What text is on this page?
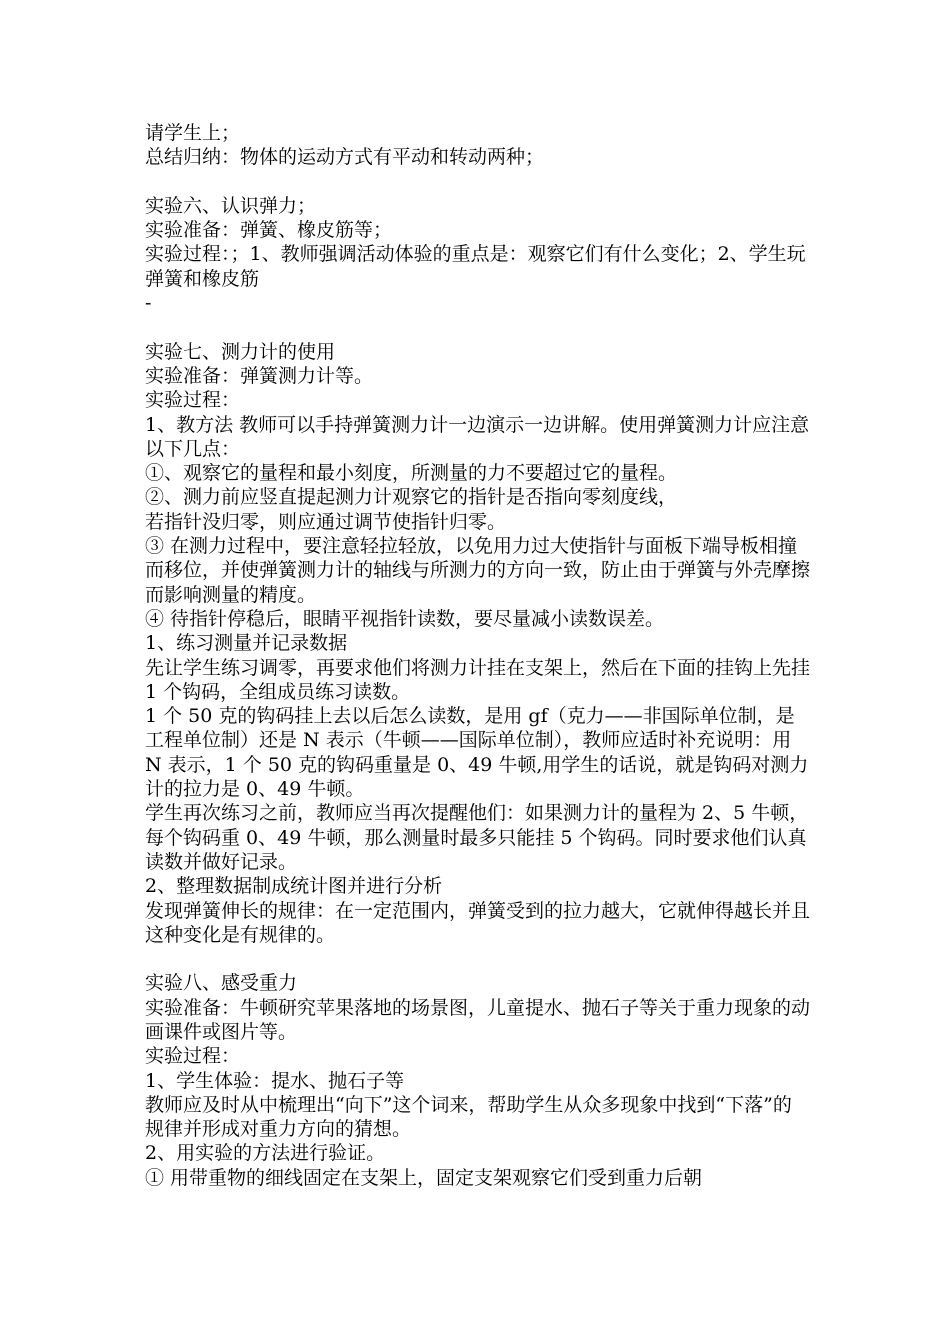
请学生上；

总结归纳：物体的运动方式有平动和转动两种；

实验六、认识弹力；

实验准备：弹簧、橡皮筋等；

实验过程：；1、教师强调活动体验的重点是：观察它们有什么变化；2、学生玩弹簧和橡皮筋

-

实验七、测力计的使用

实验准备：弹簧测力计等。

实验过程：

1、教方法 教师可以手持弹簧测力计一边演示一边讲解。使用弹簧测力计应注意以下几点：

①、观察它的量程和最小刻度，所测量的力不要超过它的量程。

②、测力前应竖直提起测力计观察它的指针是否指向零刻度线，

若指针没归零，则应通过调节使指针归零。

③ 在测力过程中，要注意轻拉轻放，以免用力过大使指针与面板下端导板相撞而移位，并使弹簧测力计的轴线与所测力的方向一致，防止由于弹簧与外壳摩擦而影响测量的精度。

④ 待指针停稳后，眼睛平视指针读数，要尽量减小读数误差。

1、练习测量并记录数据

先让学生练习调零，再要求他们将测力计挂在支架上，然后在下面的挂钩上先挂 1 个钩码，全组成员练习读数。

1 个 50 克的钩码挂上去以后怎么读数，是用 gf（克力——非国际单位制，是工程单位制）还是 N 表示（牛顿——国际单位制），教师应适时补充说明：用 N 表示，1 个 50 克的钩码重量是 0、49 牛顿,用学生的话说，就是钩码对测力计的拉力是 0、49 牛顿。

学生再次练习之前，教师应当再次提醒他们：如果测力计的量程为 2、5 牛顿，每个钩码重 0、49 牛顿，那么测量时最多只能挂 5 个钩码。同时要求他们认真读数并做好记录。

2、整理数据制成统计图并进行分析

发现弹簧伸长的规律：在一定范围内，弹簧受到的拉力越大，它就伸得越长并且这种变化是有规律的。

实验八、感受重力

实验准备：牛顿研究苹果落地的场景图，儿童提水、抛石子等关于重力现象的动画课件或图片等。

实验过程：

1、学生体验：提水、抛石子等

教师应及时从中梳理出“向下”这个词来，帮助学生从众多现象中找到“下落”的规律并形成对重力方向的猜想。

2、用实验的方法进行验证。

① 用带重物的细线固定在支架上，固定支架观察它们受到重力后朝
